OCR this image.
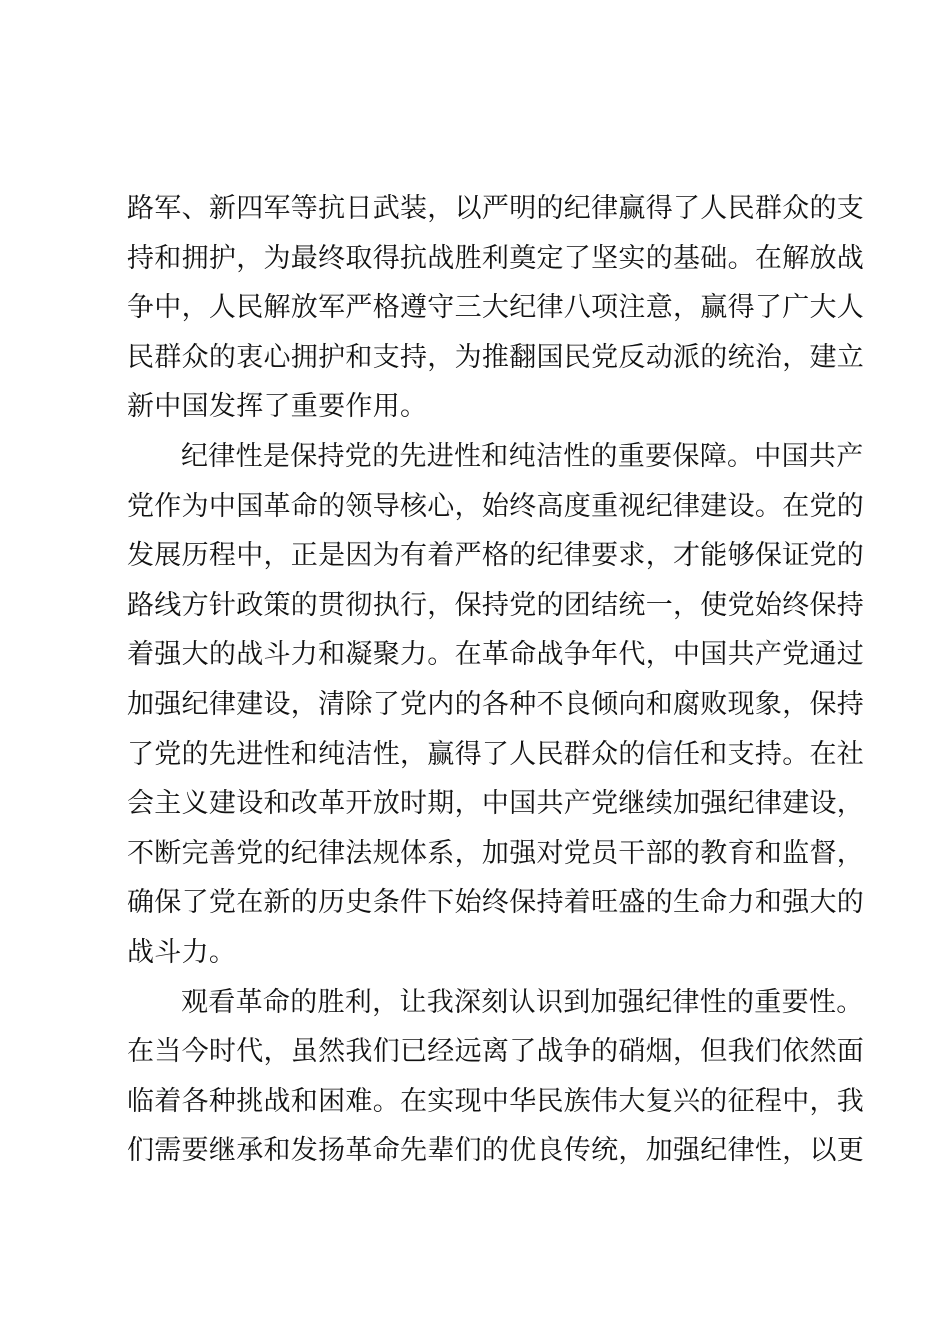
路军、新四军等抗日武装，以严明的纪律赢得了人民群众的支
持和拥护，为最终取得抗战胜利奠定了坚实的基础。在解放战
争中，人民解放军严格遵守三大纪律八项注意，赢得了广大人
民群众的衷心拥护和支持，为推翻国民党反动派的统治，建立
新中国发挥了重要作用。
纪律性是保持党的先进性和纯洁性的重要保障。中国共产
党作为中国革命的领导核心，始终高度重视纪律建设。在党的
发展历程中，正是因为有着严格的纪律要求，才能够保证党的
路线方针政策的贯彻执行，保持党的团结统一，使党始终保持
着强大的战斗力和凝聚力。在革命战争年代，中国共产党通过
加强纪律建设，清除了党内的各种不良倾向和腐败现象，保持
了党的先进性和纯洁性，赢得了人民群众的信任和支持。在社
会主义建设和改革开放时期，中国共产党继续加强纪律建设，
不断完善党的纪律法规体系，加强对党员干部的教育和监督，
确保了党在新的历史条件下始终保持着旺盛的生命力和强大的
战斗力。
观看革命的胜利，让我深刻认识到加强纪律性的重要性。
在当今时代，虽然我们已经远离了战争的硝烟，但我们依然面
临着各种挑战和困难。在实现中华民族伟大复兴的征程中，我
们需要继承和发扬革命先辈们的优良传统，加强纪律性，以更
